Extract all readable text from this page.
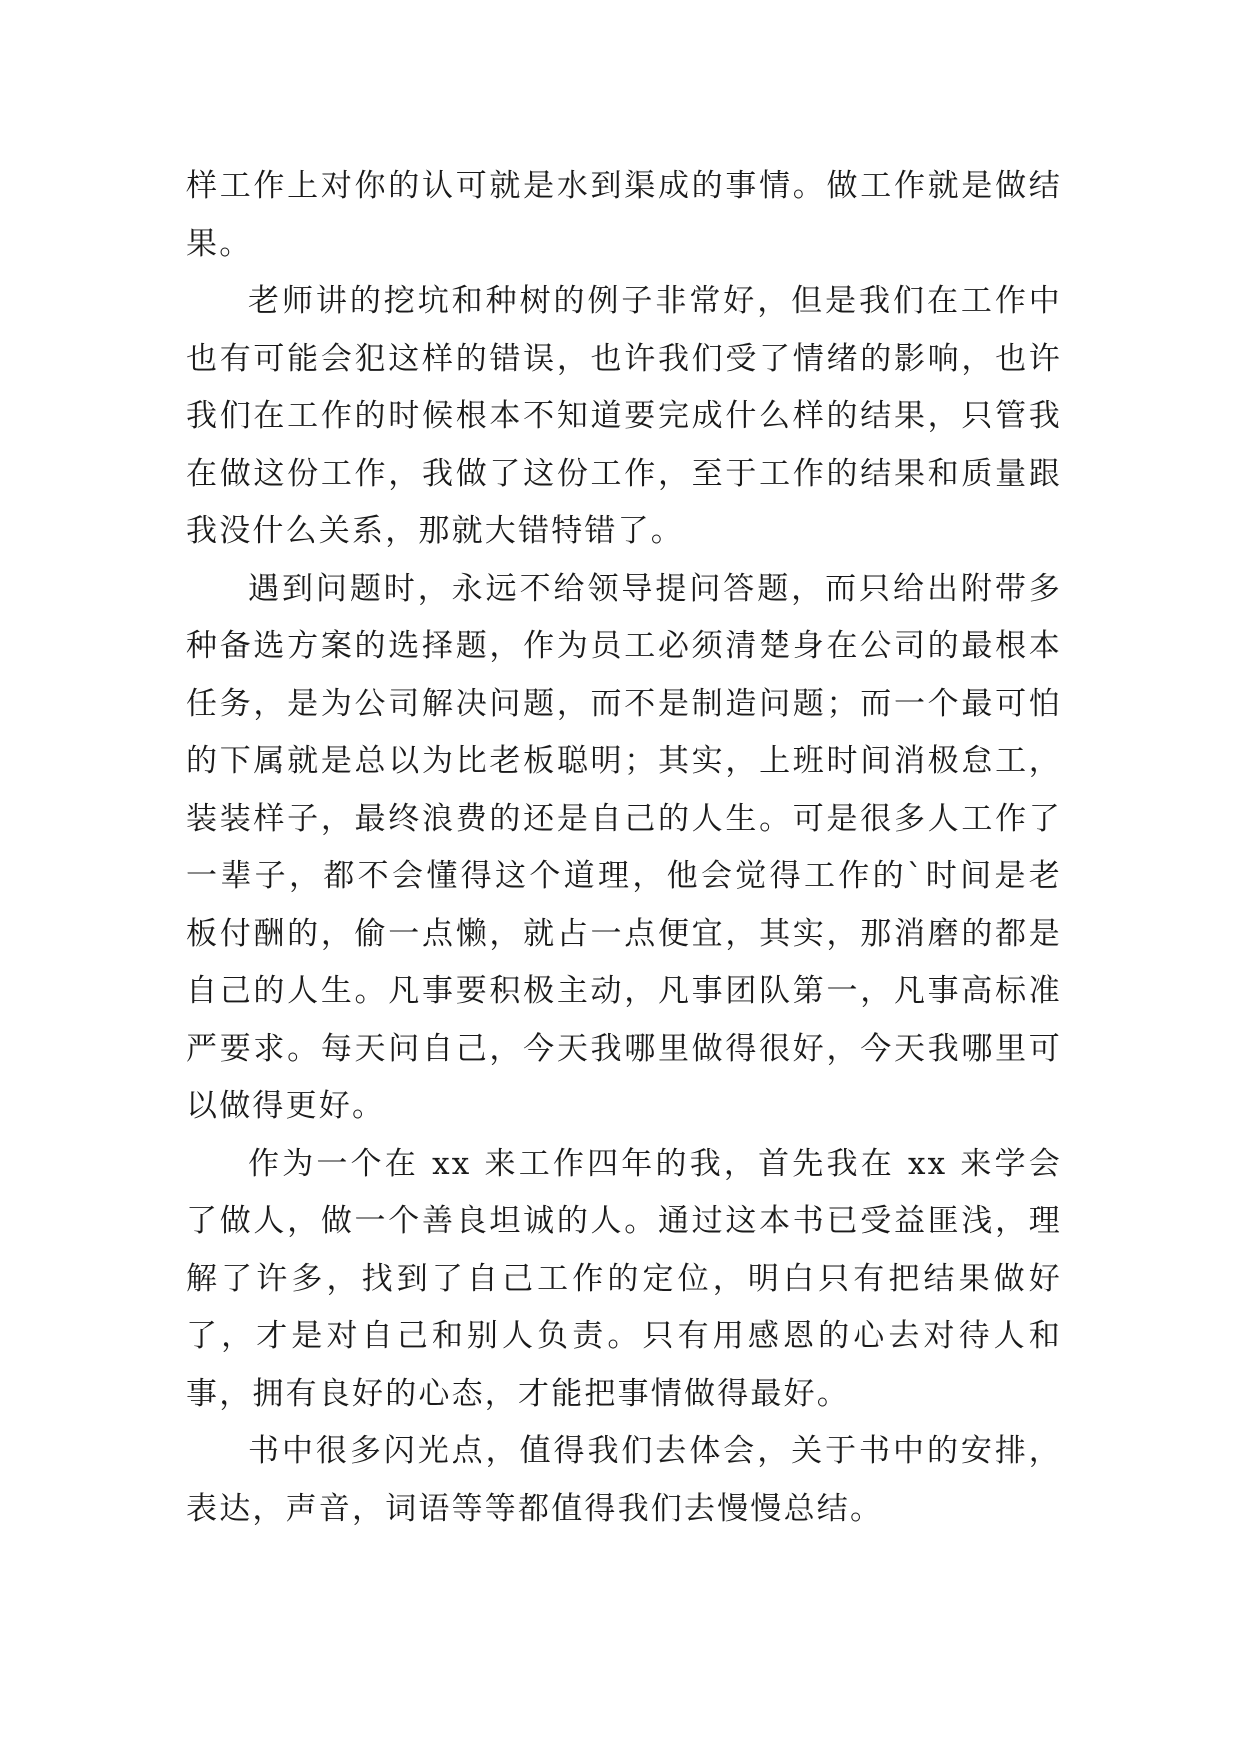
样工作上对你的认可就是水到渠成的事情。做工作就是做结果。

老师讲的挖坑和种树的例子非常好，但是我们在工作中也有可能会犯这样的错误，也许我们受了情绪的影响，也许我们在工作的时候根本不知道要完成什么样的结果，只管我在做这份工作，我做了这份工作，至于工作的结果和质量跟我没什么关系，那就大错特错了。

遇到问题时，永远不给领导提问答题，而只给出附带多种备选方案的选择题，作为员工必须清楚身在公司的最根本任务，是为公司解决问题，而不是制造问题；而一个最可怕的下属就是总以为比老板聪明；其实，上班时间消极怠工，装装样子，最终浪费的还是自己的人生。可是很多人工作了一辈子，都不会懂得这个道理，他会觉得工作的`时间是老板付酬的，偷一点懒，就占一点便宜，其实，那消磨的都是自己的人生。凡事要积极主动，凡事团队第一，凡事高标准严要求。每天问自己，今天我哪里做得很好，今天我哪里可以做得更好。

作为一个在 xx 来工作四年的我，首先我在 xx 来学会了做人，做一个善良坦诚的人。通过这本书已受益匪浅，理解了许多，找到了自己工作的定位，明白只有把结果做好了，才是对自己和别人负责。只有用感恩的心去对待人和事，拥有良好的心态，才能把事情做得最好。

书中很多闪光点，值得我们去体会，关于书中的安排，表达，声音，词语等等都值得我们去慢慢总结。
